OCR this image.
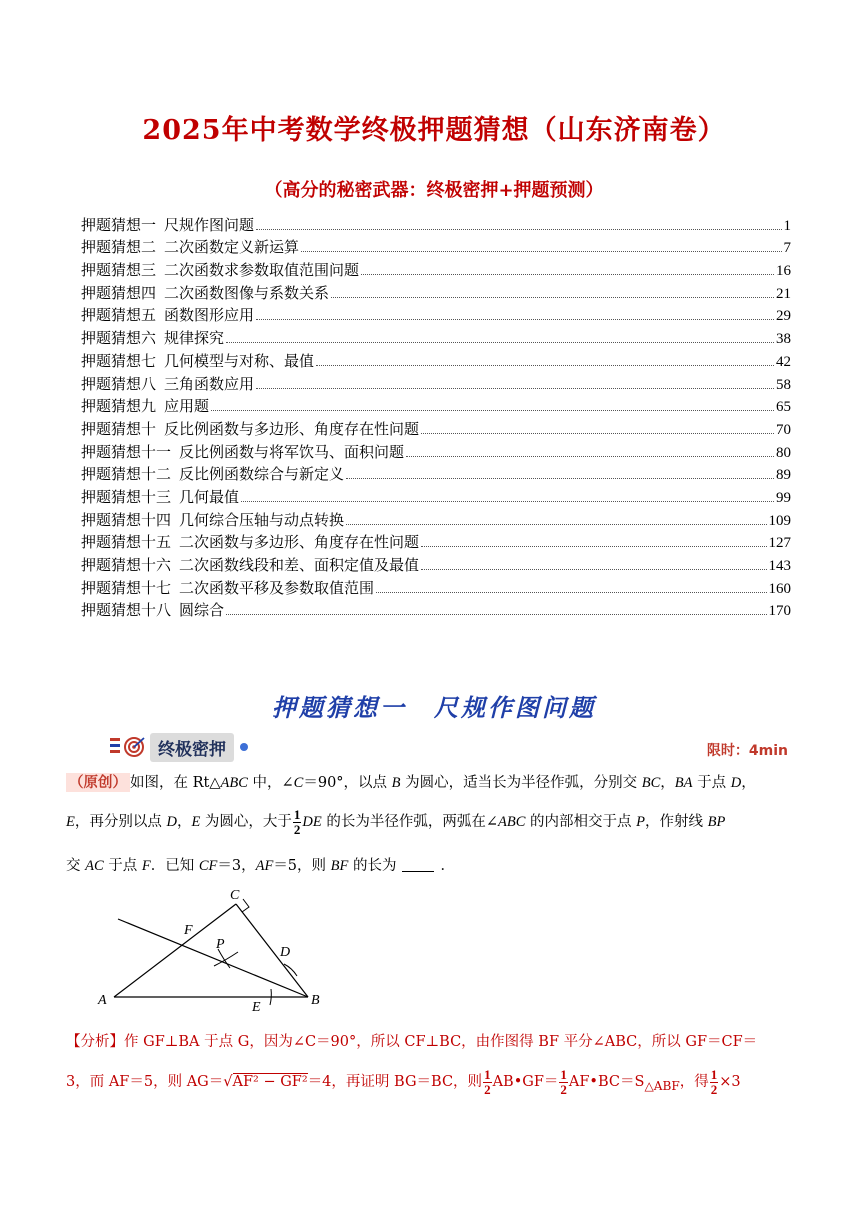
2025年中考数学终极押题猜想（山东济南卷）
（高分的秘密武器：终极密押+押题预测）
押题猜想一 尺规作图问题	1
押题猜想二 二次函数定义新运算	7
押题猜想三 二次函数求参数取值范围问题	16
押题猜想四 二次函数图像与系数关系	21
押题猜想五 函数图形应用	29
押题猜想六 规律探究	38
押题猜想七 几何模型与对称、最值	42
押题猜想八 三角函数应用	58
押题猜想九 应用题	65
押题猜想十 反比例函数与多边形、角度存在性问题	70
押题猜想十一 反比例函数与将军饮马、面积问题	80
押题猜想十二 反比例函数综合与新定义	89
押题猜想十三 几何最值	99
押题猜想十四 几何综合压轴与动点转换	109
押题猜想十五 二次函数与多边形、角度存在性问题	127
押题猜想十六 二次函数线段和差、面积定值及最值	143
押题猜想十七 二次函数平移及参数取值范围	160
押题猜想十八 圆综合	170
押题猜想一　尺规作图问题
终极密押	限时：4min
（原创） 如图，在 Rt△ABC 中，∠C＝90°，以点 B 为圆心，适当长为半径作弧，分别交 BC，BA 于点 D，
E，再分别以点 D，E 为圆心，大于 $\frac{1}{2}$ DE 的长为半径作弧，两弧在∠ABC 的内部相交于点 P，作射线 BP
交 AC 于点 F．已知 CF＝3，AF＝5，则 BF 的长为	．
A	B
C
D
E
F
P
【分析】作 GF⊥BA 于点 G，因为∠C＝90°，所以 CF⊥BC，由作图得 BF 平分∠ABC，所以 GF＝CF＝
3，而 AF＝5，则 AG＝√AF² − GF²＝4，再证明 BG＝BC，则 $\frac{1}{2}$ AB•GF＝ $\frac{1}{2}$ $AF•BC=S_{\triangle ABF}$，得 $\frac{1}{2} \times 3$
